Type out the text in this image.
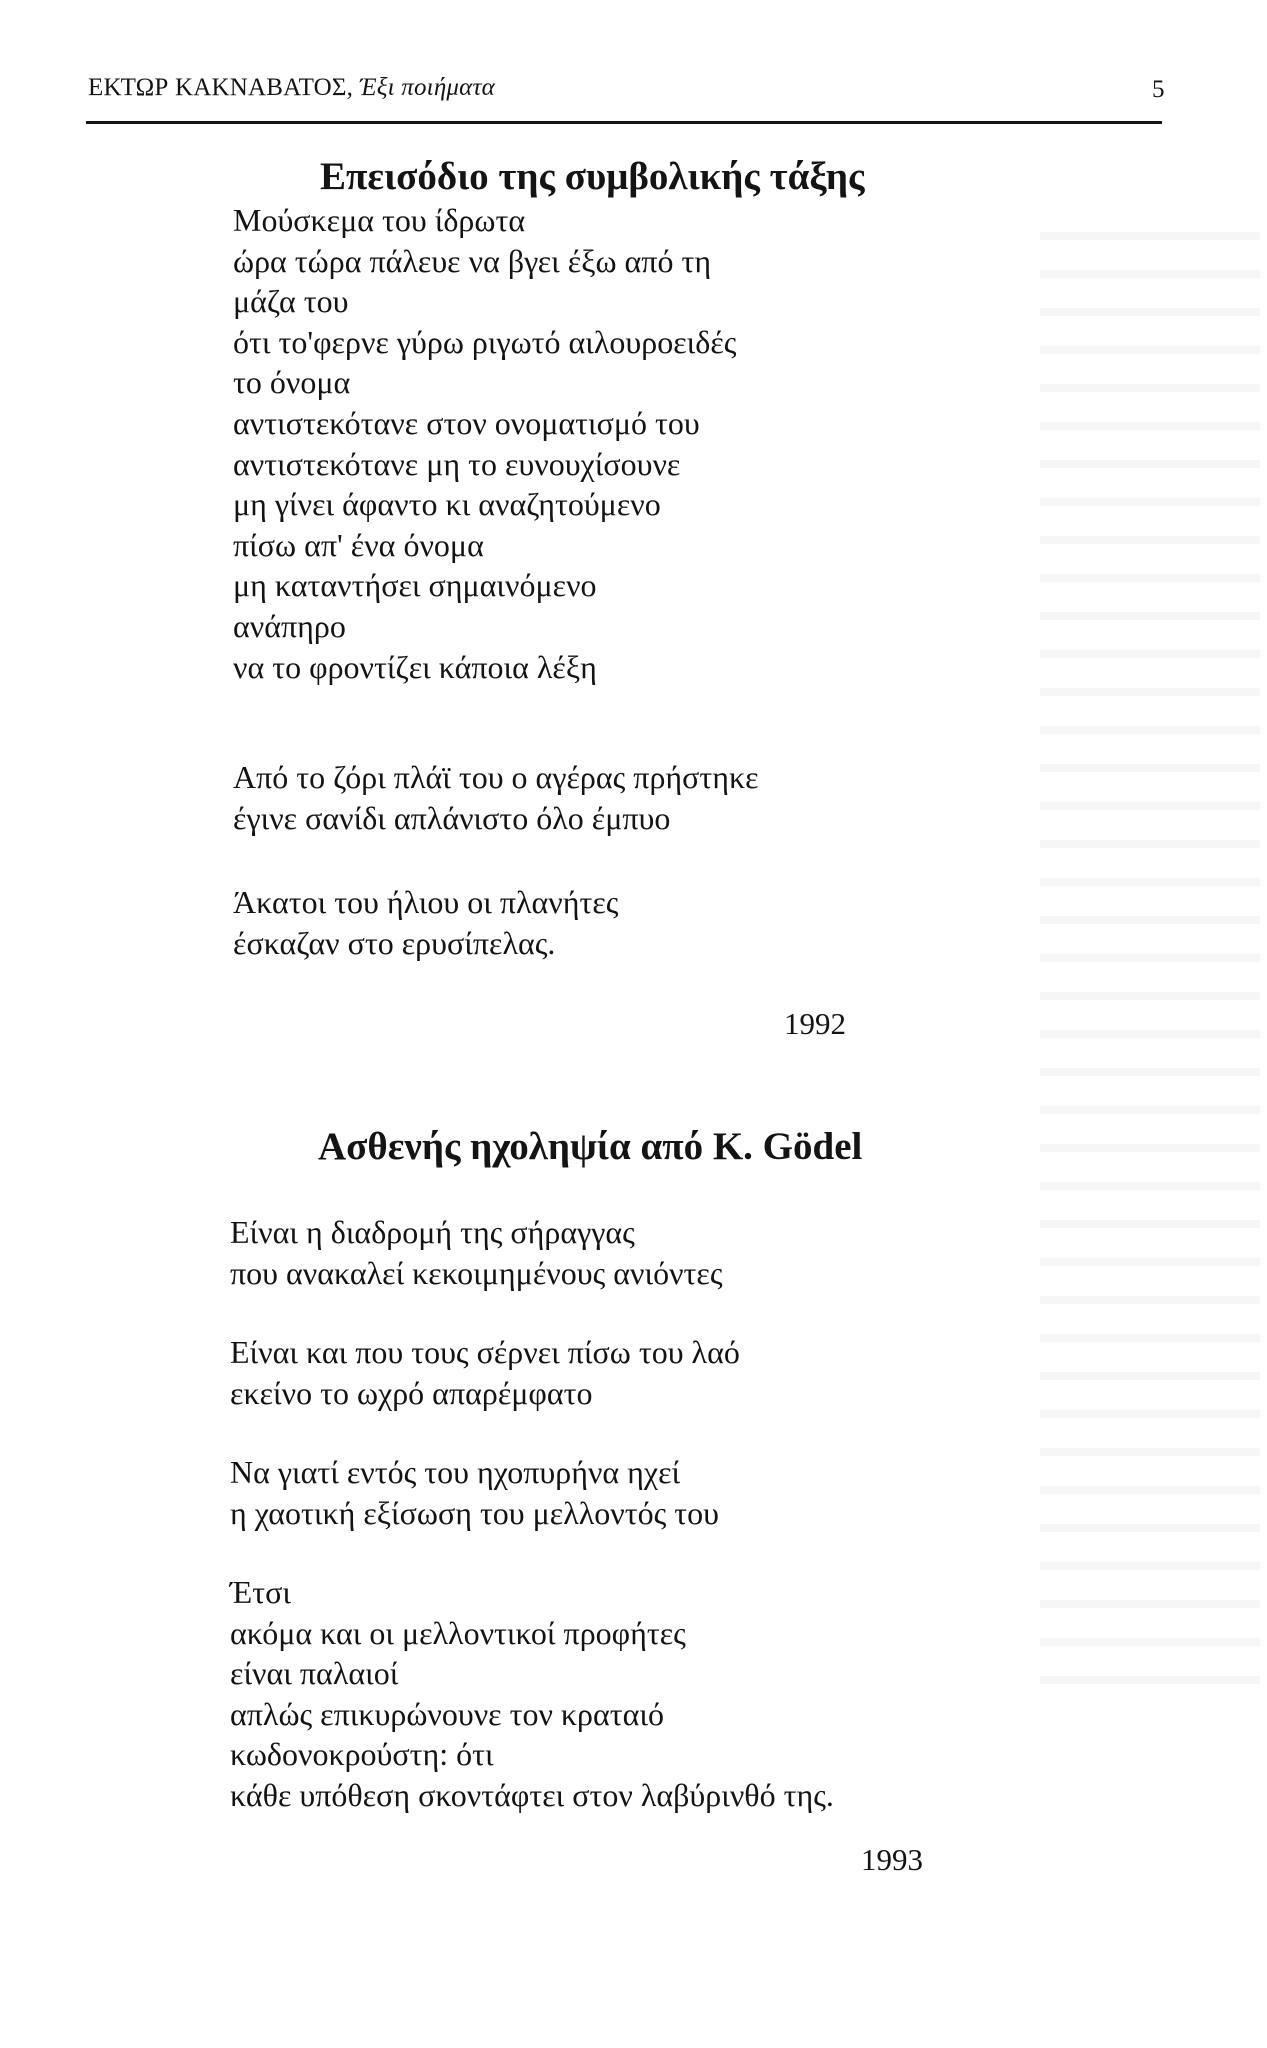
ΕΚΤΩΡ ΚΑΚΝΑΒΑΤΟΣ, Έξι ποιήματα	5
Επεισόδιο της συμβολικής τάξης
Μούσκεμα του ίδρωτα
ώρα τώρα πάλευε να βγει έξω από τη
μάζα του
ότι το'φερνε γύρω ριγωτό αιλουροειδές
το όνομα
αντιστεκότανε στον ονοματισμό του
αντιστεκότανε μη το ευνουχίσουνε
μη γίνει άφαντο κι αναζητούμενο
πίσω απ' ένα όνομα
μη καταντήσει σημαινόμενο
ανάπηρο
να το φροντίζει κάποια λέξη
Από το ζόρι πλάϊ του ο αγέρας πρήστηκε
έγινε σανίδι απλάνιστο όλο έμπυο
Άκατοι του ήλιου οι πλανήτες
έσκαζαν στο ερυσίπελας.
1992
Ασθενής ηχοληψία από Κ. Gödel
Είναι η διαδρομή της σήραγγας
που ανακαλεί κεκοιμημένους ανιόντες
Είναι και που τους σέρνει πίσω του λαό
εκείνο το ωχρό απαρέμφατο
Να γιατί εντός του ηχοπυρήνα ηχεί
η χαοτική εξίσωση του μελλοντός του
Έτσι
ακόμα και οι μελλοντικοί προφήτες
είναι παλαιοί
απλώς επικυρώνουνε τον κραταιό
κωδονοκρούστη: ότι
κάθε υπόθεση σκοντάφτει στον λαβύρινθό της.
1993
